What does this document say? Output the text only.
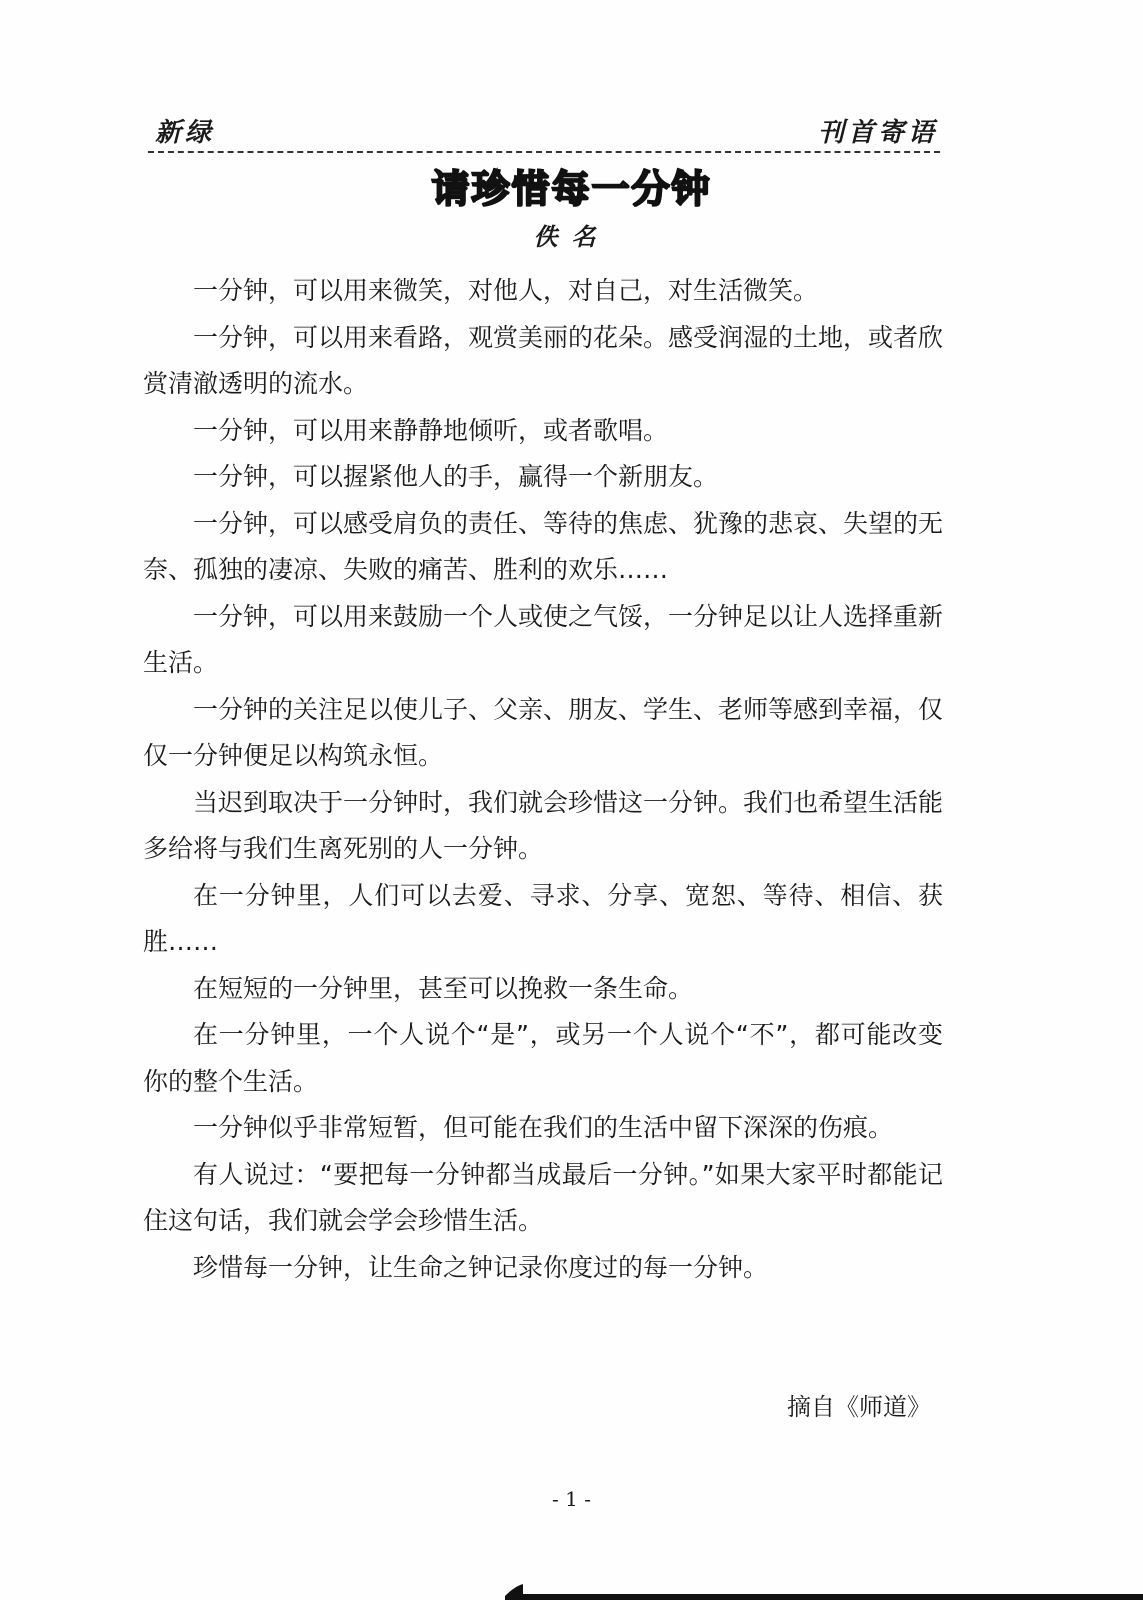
新绿	刊首寄语
请珍惜每一分钟
佚名

一分钟，可以用来微笑，对他人，对自己，对生活微笑。

一分钟，可以用来看路，观赏美丽的花朵。感受润湿的土地，或者欣赏清澈透明的流水。

一分钟，可以用来静静地倾听，或者歌唱。

一分钟，可以握紧他人的手，赢得一个新朋友。

一分钟，可以感受肩负的责任、等待的焦虑、犹豫的悲哀、失望的无奈、孤独的凄凉、失败的痛苦、胜利的欢乐……

一分钟，可以用来鼓励一个人或使之气馁，一分钟足以让人选择重新生活。

一分钟的关注足以使儿子、父亲、朋友、学生、老师等感到幸福，仅仅一分钟便足以构筑永恒。

当迟到取决于一分钟时，我们就会珍惜这一分钟。我们也希望生活能多给将与我们生离死别的人一分钟。

在一分钟里，人们可以去爱、寻求、分享、宽恕、等待、相信、获胜……

在短短的一分钟里，甚至可以挽救一条生命。

在一分钟里，一个人说个“是”，或另一个人说个“不”，都可能改变你的整个生活。

一分钟似乎非常短暂，但可能在我们的生活中留下深深的伤痕。

有人说过：“要把每一分钟都当成最后一分钟。”如果大家平时都能记住这句话，我们就会学会珍惜生活。

珍惜每一分钟，让生命之钟记录你度过的每一分钟。

摘自《师道》
- 1 -
